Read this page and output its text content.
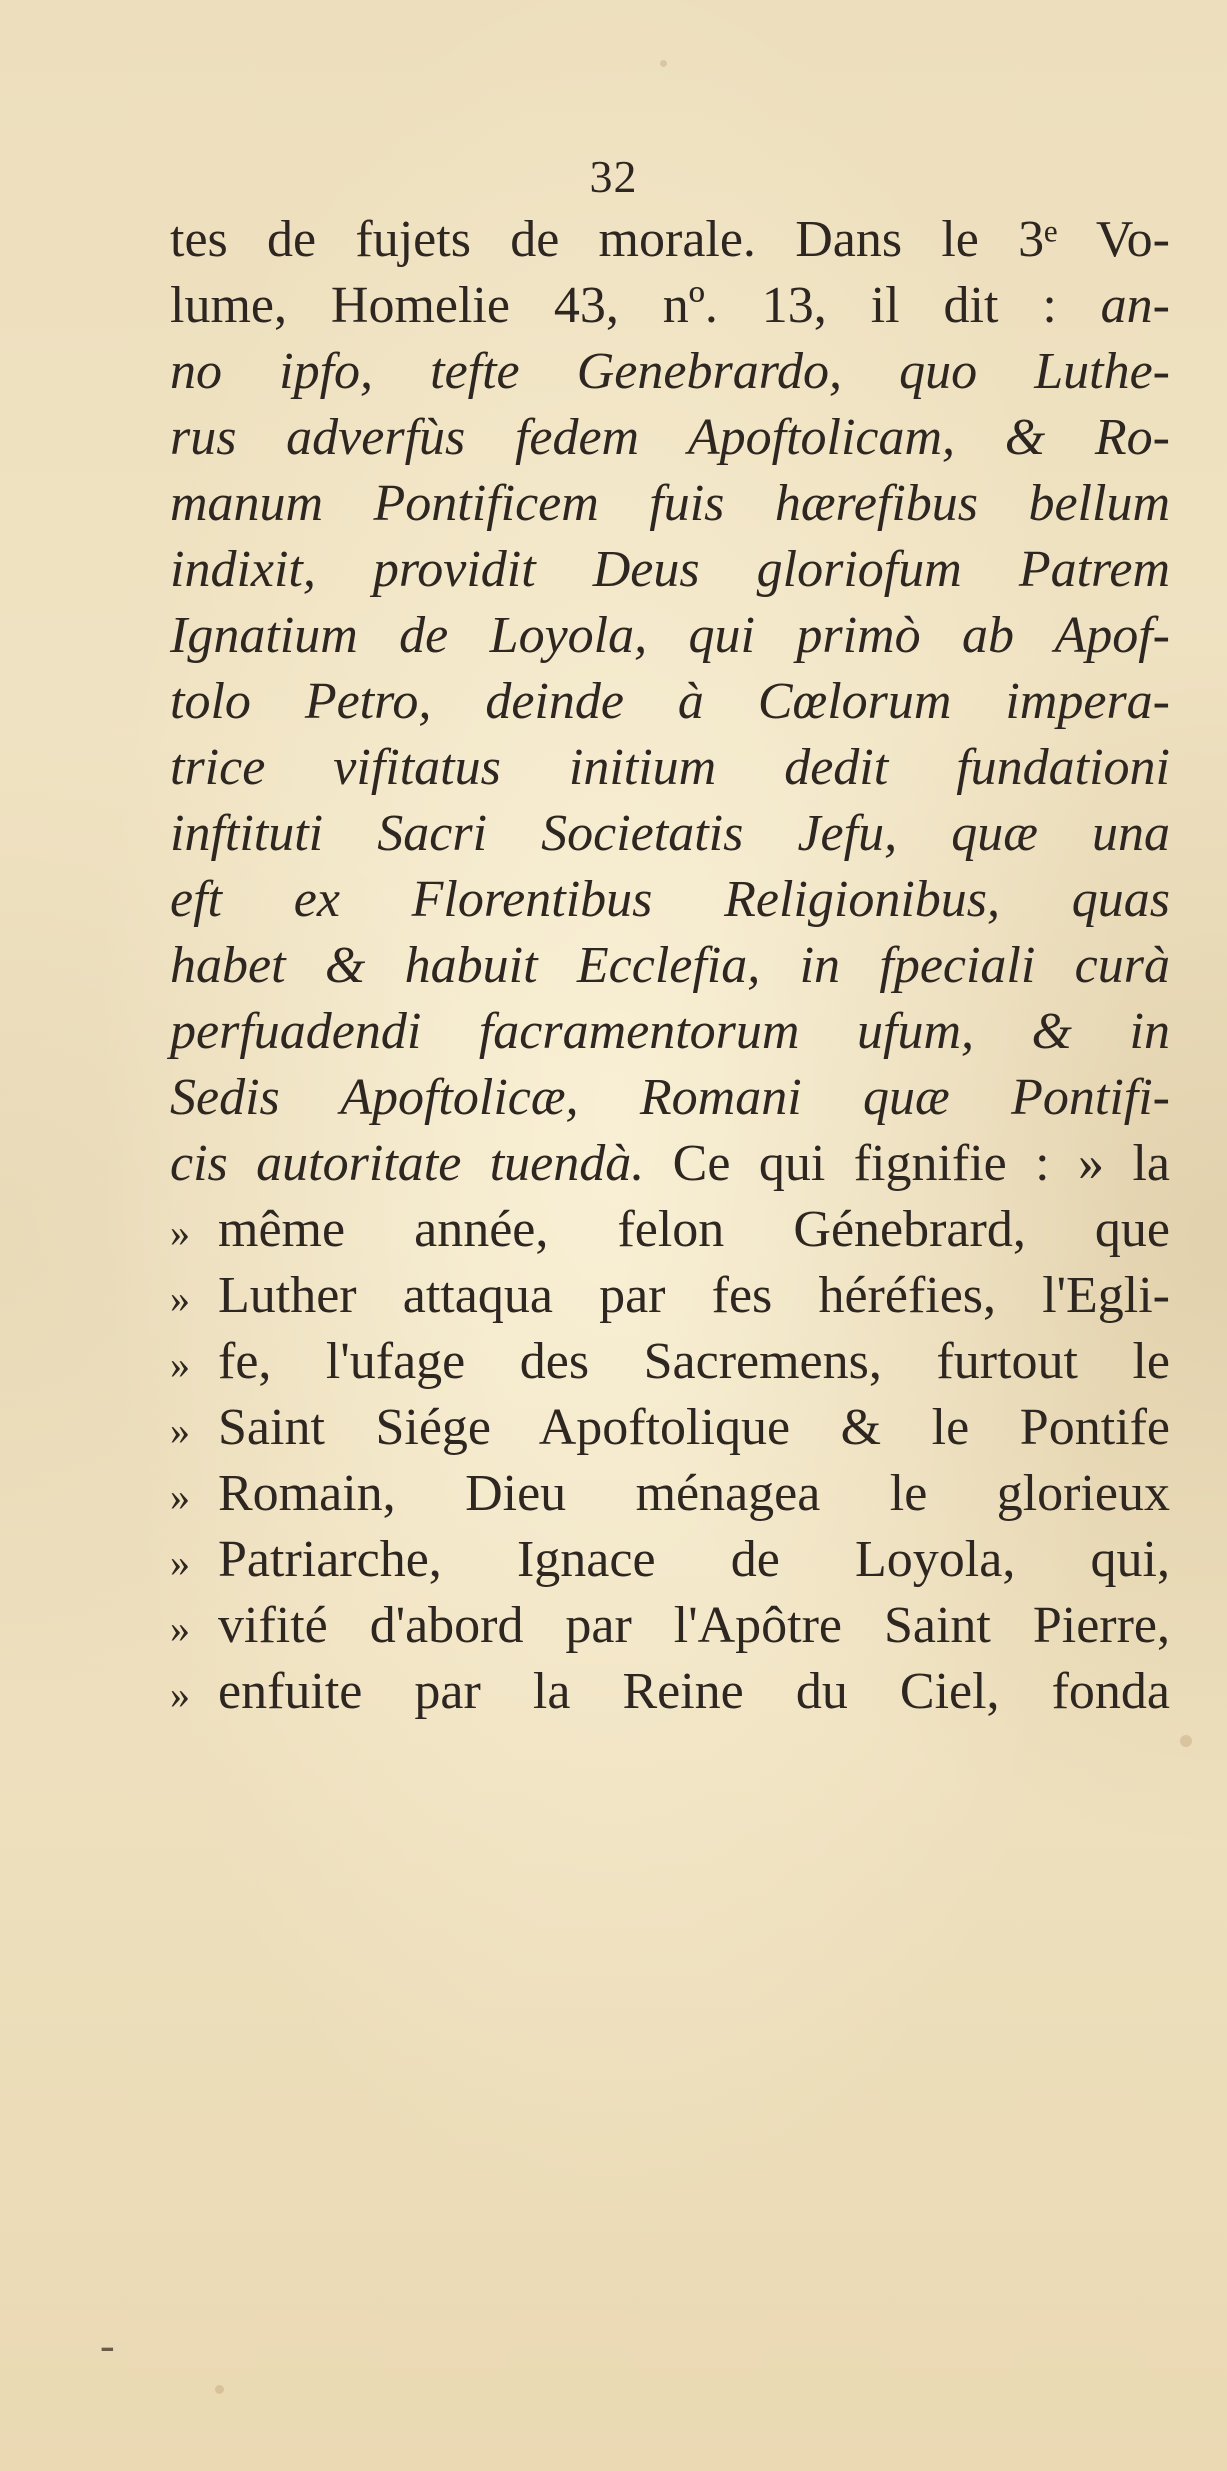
32
-
tes de fujets de morale. Dans le 3ᵉ Vo-
lume, Homelie 43, nº. 13, il dit : an-
no ipfo, tefte Genebrardo, quo Luthe-
rus adverfùs fedem Apoftolicam, & Ro-
manum Pontificem fuis hærefibus bellum
indixit, providit Deus gloriofum Patrem
Ignatium de Loyola, qui primò ab Apof-
tolo Petro, deinde à Cœlorum impera-
trice vifitatus initium dedit fundationi
inftituti Sacri Societatis Jefu, quæ una
eft ex Florentibus Religionibus, quas
habet & habuit Ecclefia, in fpeciali curà
perfuadendi facramentorum ufum, & in
Sedis Apoftolicæ, Romani quæ Pontifi-
cis autoritate tuendà. Ce qui fignifie : » la
» même année, felon Génebrard, que
» Luther attaqua par fes héréfies, l'Egli-
» fe, l'ufage des Sacremens, furtout le
» Saint Siége Apoftolique & le Pontife
» Romain, Dieu ménagea le glorieux
» Patriarche, Ignace de Loyola, qui,
» vifité d'abord par l'Apôtre Saint Pierre,
» enfuite par la Reine du Ciel, fonda
